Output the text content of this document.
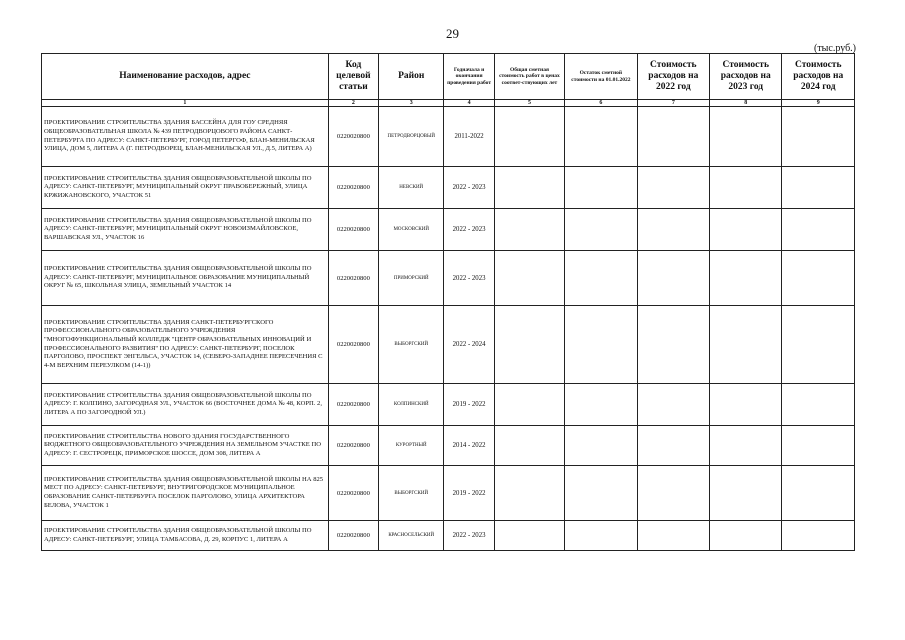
29
(тыс.руб.)
Наименование расходов, адрес	Код целевой статьи	Район	Годначала и окончания проведения работ	Общая сметная стоимость работ в ценах соответ-ствующих лет	Остаток сметной стоимости на 01.01.2022	Стоимость расходов на 2022 год	Стоимость расходов на 2023 год	Стоимость расходов на 2024 год
1	2	3	4	5	6	7	8	9
ПРОЕКТИРОВАНИЕ СТРОИТЕЛЬСТВА ЗДАНИЯ БАССЕЙНА ДЛЯ ГОУ СРЕДНЯЯ ОБЩЕОБРАЗОВАТЕЛЬНАЯ ШКОЛА № 439 ПЕТРОДВОРЦОВОГО РАЙОНА САНКТ-ПЕТЕРБУРГА ПО АДРЕСУ: САНКТ-ПЕТЕРБУРГ, ГОРОД ПЕТЕРГОФ, БЛАН-МЕНИЛЬСКАЯ УЛИЦА, ДОМ 5, ЛИТЕРА А (Г. ПЕТРОДВОРЕЦ, БЛАН-МЕНИЛЬСКАЯ УЛ., Д.5, ЛИТЕРА А)	0220020800	ПЕТРОДВОРЦОВЫЙ	2011-2022					
ПРОЕКТИРОВАНИЕ СТРОИТЕЛЬСТВА ЗДАНИЯ ОБЩЕОБРАЗОВАТЕЛЬНОЙ ШКОЛЫ ПО АДРЕСУ: САНКТ-ПЕТЕРБУРГ, МУНИЦИПАЛЬНЫЙ ОКРУГ ПРАВОБЕРЕЖНЫЙ, УЛИЦА КРЖИЖАНОВСКОГО, УЧАСТОК 51	0220020800	НЕВСКИЙ	2022 - 2023					
ПРОЕКТИРОВАНИЕ СТРОИТЕЛЬСТВА ЗДАНИЯ ОБЩЕОБРАЗОВАТЕЛЬНОЙ ШКОЛЫ ПО АДРЕСУ: САНКТ-ПЕТЕРБУРГ, МУНИЦИПАЛЬНЫЙ ОКРУГ НОВОИЗМАЙЛОВСКОЕ, ВАРШАВСКАЯ УЛ., УЧАСТОК 16	0220020800	МОСКОВСКИЙ	2022 - 2023					
ПРОЕКТИРОВАНИЕ СТРОИТЕЛЬСТВА ЗДАНИЯ ОБЩЕОБРАЗОВАТЕЛЬНОЙ ШКОЛЫ ПО АДРЕСУ: САНКТ-ПЕТЕРБУРГ, МУНИЦИПАЛЬНОЕ ОБРАЗОВАНИЕ МУНИЦИПАЛЬНЫЙ ОКРУГ № 65, ШКОЛЬНАЯ УЛИЦА, ЗЕМЕЛЬНЫЙ УЧАСТОК 14	0220020800	ПРИМОРСКИЙ	2022 - 2023					
ПРОЕКТИРОВАНИЕ СТРОИТЕЛЬСТВА ЗДАНИЯ САНКТ-ПЕТЕРБУРГСКОГО ПРОФЕССИОНАЛЬНОГО ОБРАЗОВАТЕЛЬНОГО УЧРЕЖДЕНИЯ "МНОГОФУНКЦИОНАЛЬНЫЙ КОЛЛЕДЖ "ЦЕНТР ОБРАЗОВАТЕЛЬНЫХ ИННОВАЦИЙ И ПРОФЕССИОНАЛЬНОГО РАЗВИТИЯ" ПО АДРЕСУ: САНКТ-ПЕТЕРБУРГ, ПОСЕЛОК ПАРГОЛОВО, ПРОСПЕКТ ЭНГЕЛЬСА, УЧАСТОК 14, (СЕВЕРО-ЗАПАДНЕЕ ПЕРЕСЕЧЕНИЯ С 4-М ВЕРХНИМ ПЕРЕУЛКОМ (14-1))	0220020800	ВЫБОРГСКИЙ	2022 - 2024					
ПРОЕКТИРОВАНИЕ СТРОИТЕЛЬСТВА ЗДАНИЯ ОБЩЕОБРАЗОВАТЕЛЬНОЙ ШКОЛЫ ПО АДРЕСУ: Г. КОЛПИНО, ЗАГОРОДНАЯ УЛ., УЧАСТОК 66 (ВОСТОЧНЕЕ ДОМА № 48, КОРП. 2, ЛИТЕРА А ПО ЗАГОРОДНОЙ УЛ.)	0220020800	КОЛПИНСКИЙ	2019 - 2022					
ПРОЕКТИРОВАНИЕ СТРОИТЕЛЬСТВА НОВОГО ЗДАНИЯ ГОСУДАРСТВЕННОГО БЮДЖЕТНОГО ОБЩЕОБРАЗОВАТЕЛЬНОГО УЧРЕЖДЕНИЯ НА ЗЕМЕЛЬНОМ УЧАСТКЕ ПО АДРЕСУ: Г. СЕСТРОРЕЦК, ПРИМОРСКОЕ ШОССЕ, ДОМ 308, ЛИТЕРА А	0220020800	КУРОРТНЫЙ	2014 - 2022					
ПРОЕКТИРОВАНИЕ СТРОИТЕЛЬСТВА ЗДАНИЯ ОБЩЕОБРАЗОВАТЕЛЬНОЙ ШКОЛЫ НА 825 МЕСТ ПО АДРЕСУ: САНКТ-ПЕТЕРБУРГ, ВНУТРИГОРОДСКОЕ МУНИЦИПАЛЬНОЕ ОБРАЗОВАНИЕ САНКТ-ПЕТЕРБУРГА ПОСЕЛОК ПАРГОЛОВО, УЛИЦА АРХИТЕКТОРА БЕЛОВА, УЧАСТОК 1	0220020800	ВЫБОРГСКИЙ	2019 - 2022					
ПРОЕКТИРОВАНИЕ СТРОИТЕЛЬСТВА ЗДАНИЯ ОБЩЕОБРАЗОВАТЕЛЬНОЙ ШКОЛЫ ПО АДРЕСУ: САНКТ-ПЕТЕРБУРГ, УЛИЦА ТАМБАСОВА, Д. 29, КОРПУС 1, ЛИТЕРА А	0220020800	КРАСНОСЕЛЬСКИЙ	2022 - 2023					
